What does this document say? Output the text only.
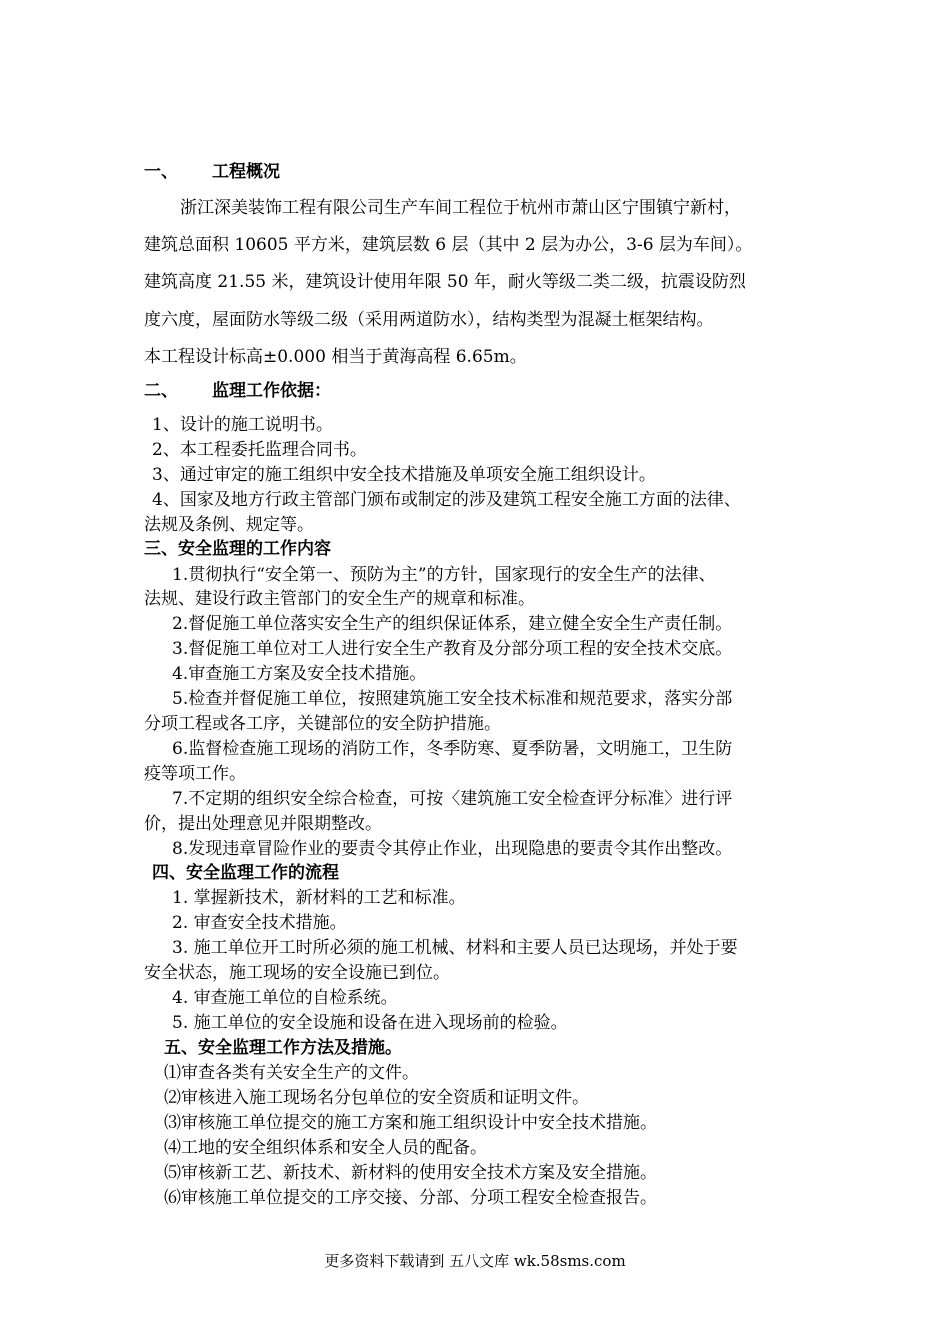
一、 工程概况
浙江深美装饰工程有限公司生产车间工程位于杭州市萧山区宁围镇宁新村，
建筑总面积 10605 平方米，建筑层数 6 层（其中 2 层为办公，3-6 层为车间）。
建筑高度 21.55 米，建筑设计使用年限 50 年，耐火等级二类二级，抗震设防烈
度六度，屋面防水等级二级（采用两道防水），结构类型为混凝土框架结构。
本工程设计标高±0.000 相当于黄海高程 6.65m。
二、 监理工作依据：
1、设计的施工说明书。
2、本工程委托监理合同书。
3、通过审定的施工组织中安全技术措施及单项安全施工组织设计。
4、国家及地方行政主管部门颁布或制定的涉及建筑工程安全施工方面的法律、
法规及条例、规定等。
三、安全监理的工作内容
1.贯彻执行“安全第一、预防为主”的方针，国家现行的安全生产的法律、
法规、建设行政主管部门的安全生产的规章和标准。
2.督促施工单位落实安全生产的组织保证体系，建立健全安全生产责任制。
3.督促施工单位对工人进行安全生产教育及分部分项工程的安全技术交底。
4.审查施工方案及安全技术措施。
5.检查并督促施工单位，按照建筑施工安全技术标准和规范要求，落实分部
分项工程或各工序，关键部位的安全防护措施。
6.监督检查施工现场的消防工作，冬季防寒、夏季防暑，文明施工，卫生防
疫等项工作。
7.不定期的组织安全综合检查，可按〈建筑施工安全检查评分标准〉进行评
价，提出处理意见并限期整改。
8.发现违章冒险作业的要责令其停止作业，出现隐患的要责令其作出整改。
四、安全监理工作的流程
1. 掌握新技术，新材料的工艺和标准。
2. 审查安全技术措施。
3. 施工单位开工时所必须的施工机械、材料和主要人员已达现场，并处于要
安全状态，施工现场的安全设施已到位。
4. 审查施工单位的自检系统。
5. 施工单位的安全设施和设备在进入现场前的检验。
五、安全监理工作方法及措施。
⑴审查各类有关安全生产的文件。
⑵审核进入施工现场名分包单位的安全资质和证明文件。
⑶审核施工单位提交的施工方案和施工组织设计中安全技术措施。
⑷工地的安全组织体系和安全人员的配备。
⑸审核新工艺、新技术、新材料的使用安全技术方案及安全措施。
⑹审核施工单位提交的工序交接、分部、分项工程安全检查报告。
更多资料下载请到 五八文库 wk.58sms.com
